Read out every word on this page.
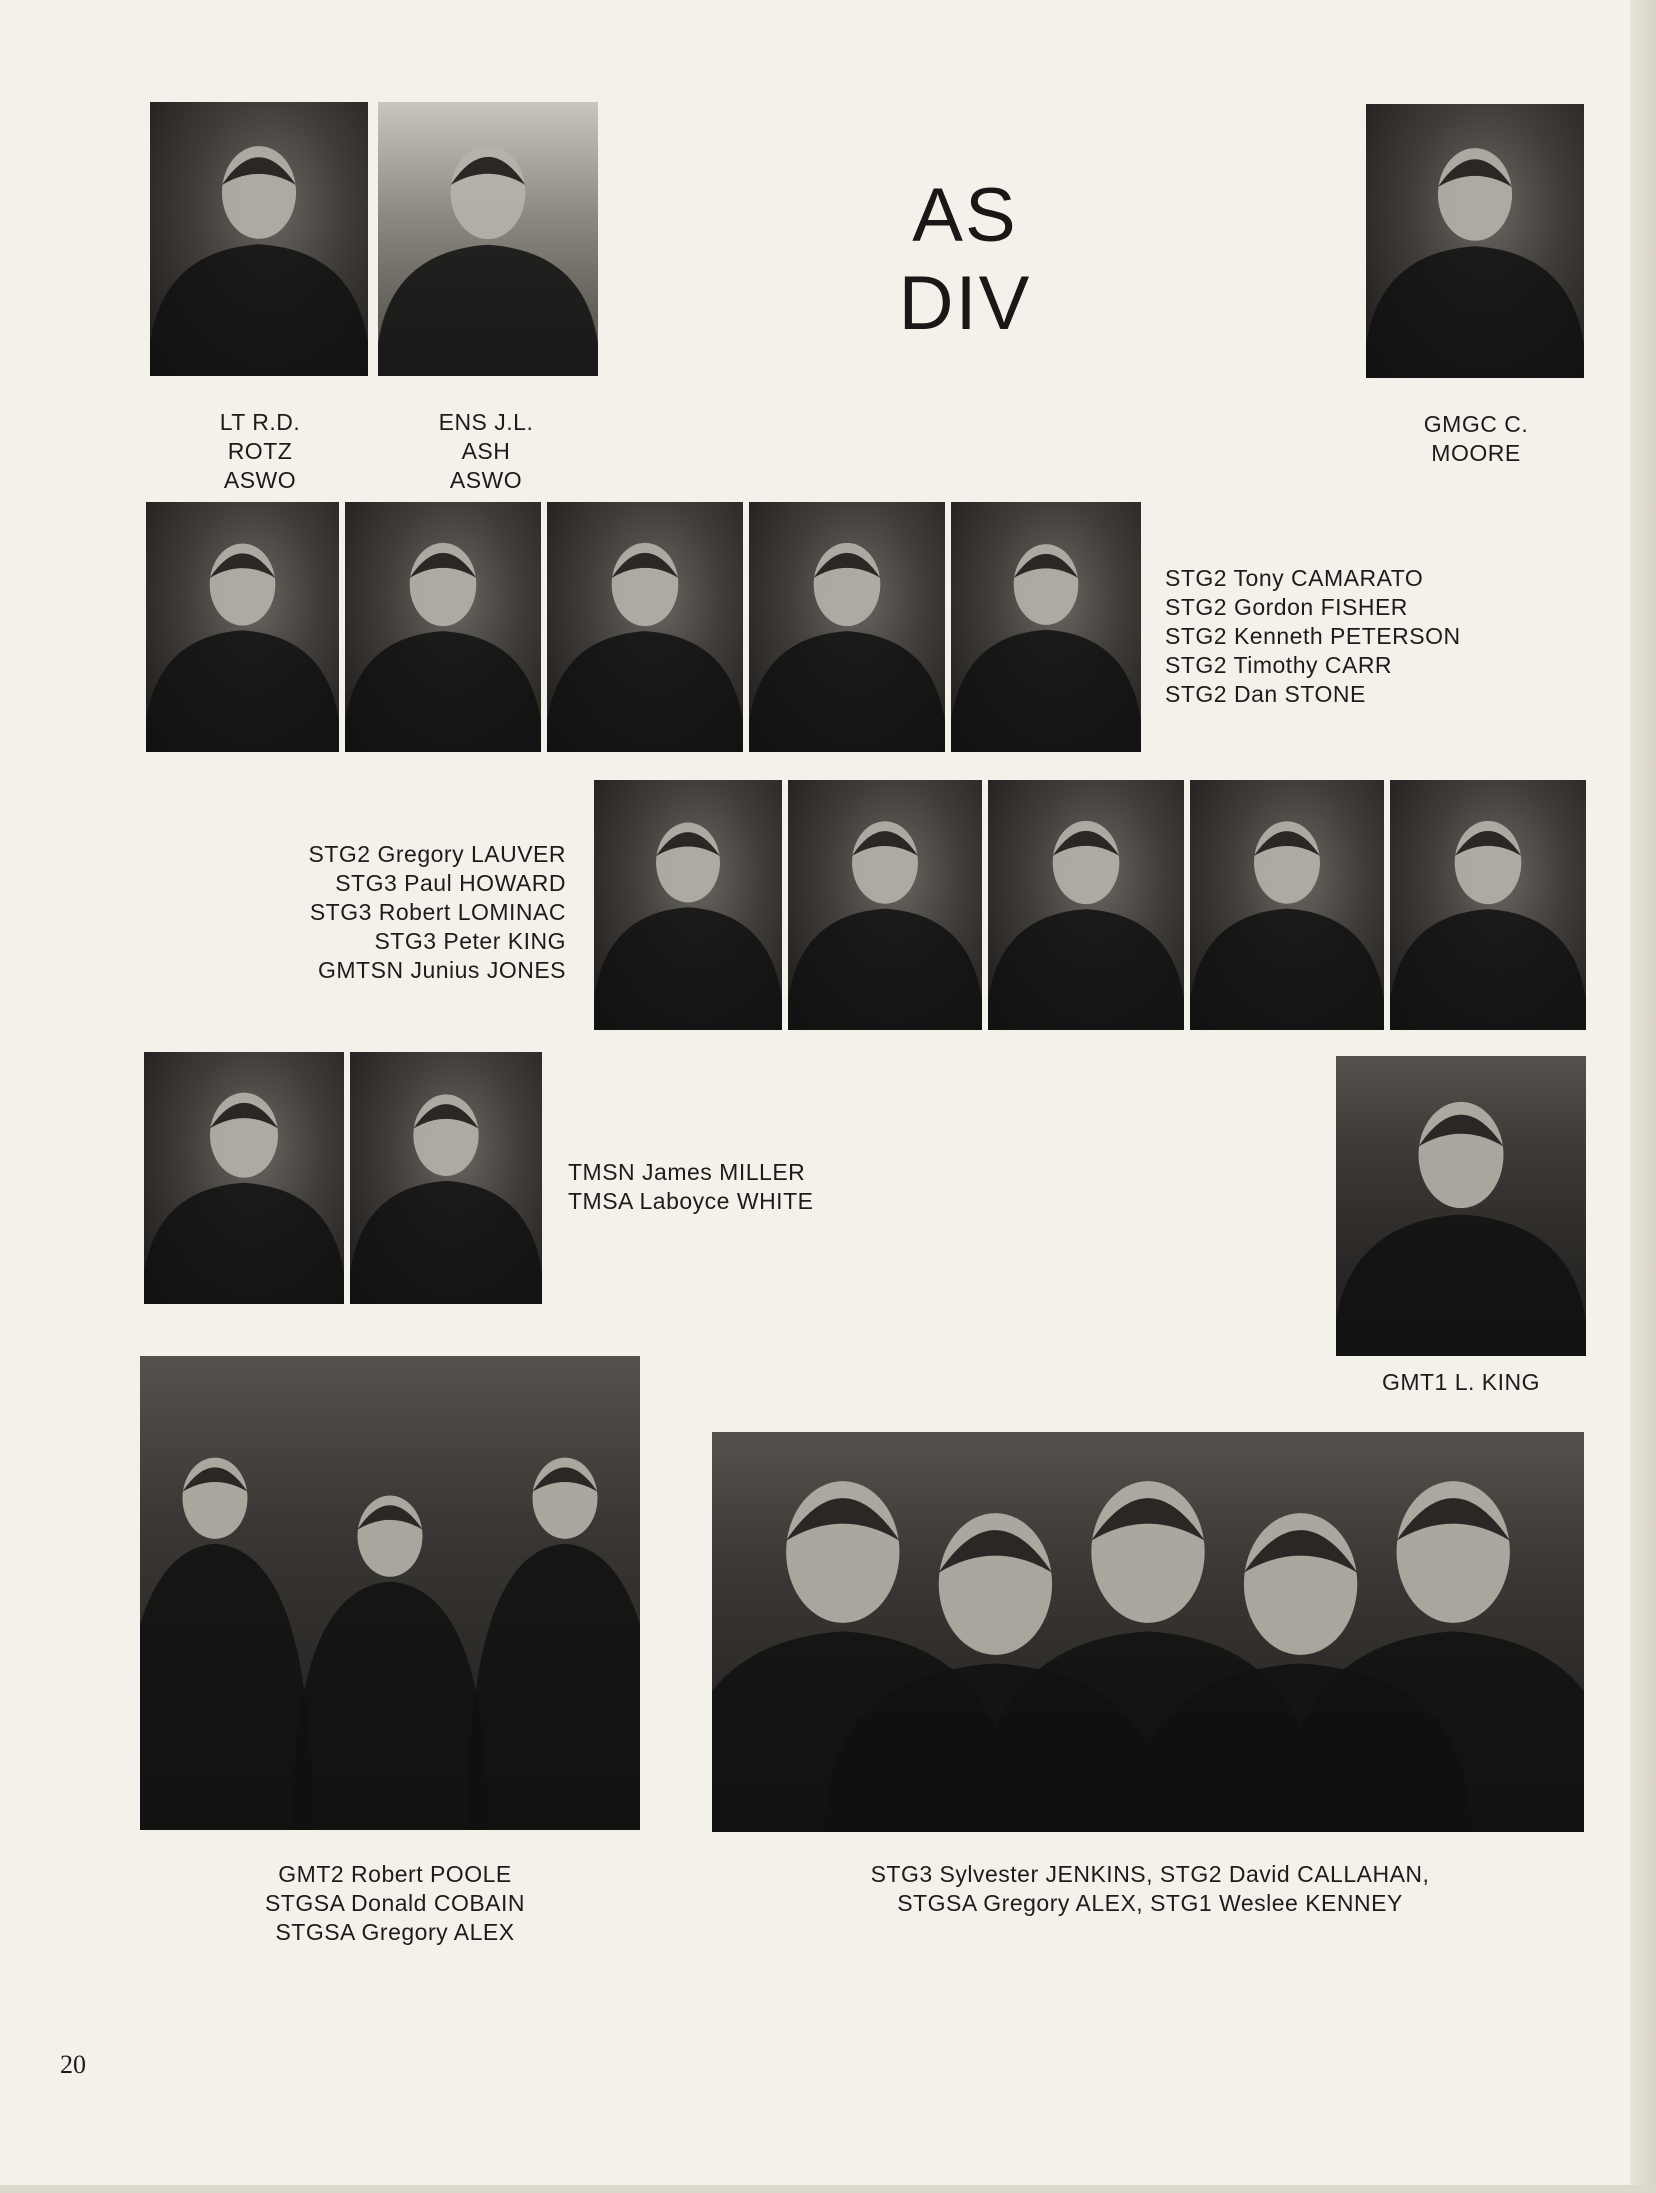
AS
DIV
LT R.D.
ROTZ
ASWO
ENS J.L.
ASH
ASWO
GMGC C.
MOORE
STG2 Tony CAMARATO
STG2 Gordon FISHER
STG2 Kenneth PETERSON
STG2 Timothy CARR
STG2 Dan STONE
STG2 Gregory LAUVER
STG3 Paul HOWARD
STG3 Robert LOMINAC
STG3 Peter KING
GMTSN Junius JONES
TMSN James MILLER
TMSA Laboyce WHITE
GMT1 L. KING
GMT2 Robert POOLE
STGSA Donald COBAIN
STGSA Gregory ALEX
STG3 Sylvester JENKINS, STG2 David CALLAHAN,
STGSA Gregory ALEX, STG1 Weslee KENNEY
20
